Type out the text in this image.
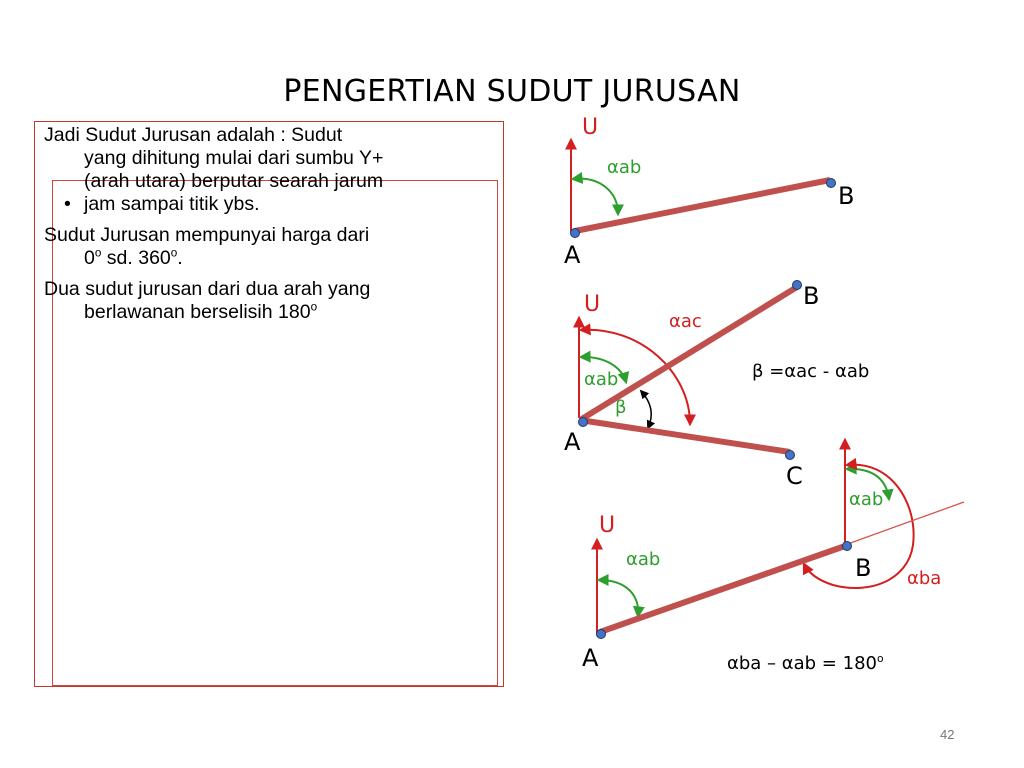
PENGERTIAN SUDUT JURUSAN
Jadi Sudut Jurusan adalah : Sudut
yang dihitung mulai dari sumbu Y+
(arah utara) berputar searah jarum
• jam sampai titik ybs.
Sudut Jurusan mempunyai harga dari
0$^o$ sd. 360$^o$.
Dua sudut jurusan dari dua arah yang
berlawanan berselisih 180$^o$
U
αab
B
A
B
U
αac
αab
β
β =αac - αab
A
C
αab
U
αab	B αba
A	$\alpha ba - \alpha ab = 180^o$
42
